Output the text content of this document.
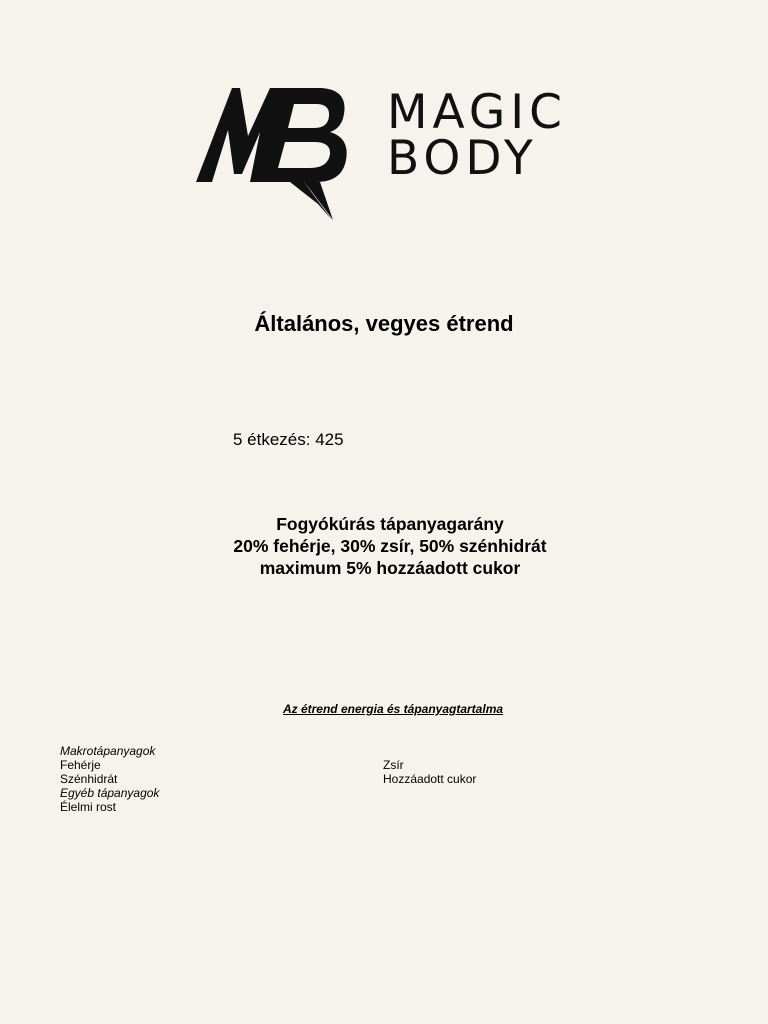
MAGIC
BODY
Általános, vegyes étrend
5 étkezés: 425
Fogyókúrás tápanyagarány
20% fehérje, 30% zsír, 50% szénhidrát
maximum 5% hozzáadott cukor
Az étrend energia és tápanyagtartalma
Makrotápanyagok
Fehérje
Szénhidrát
Egyéb tápanyagok
Élelmi rost
Zsír
Hozzáadott cukor
